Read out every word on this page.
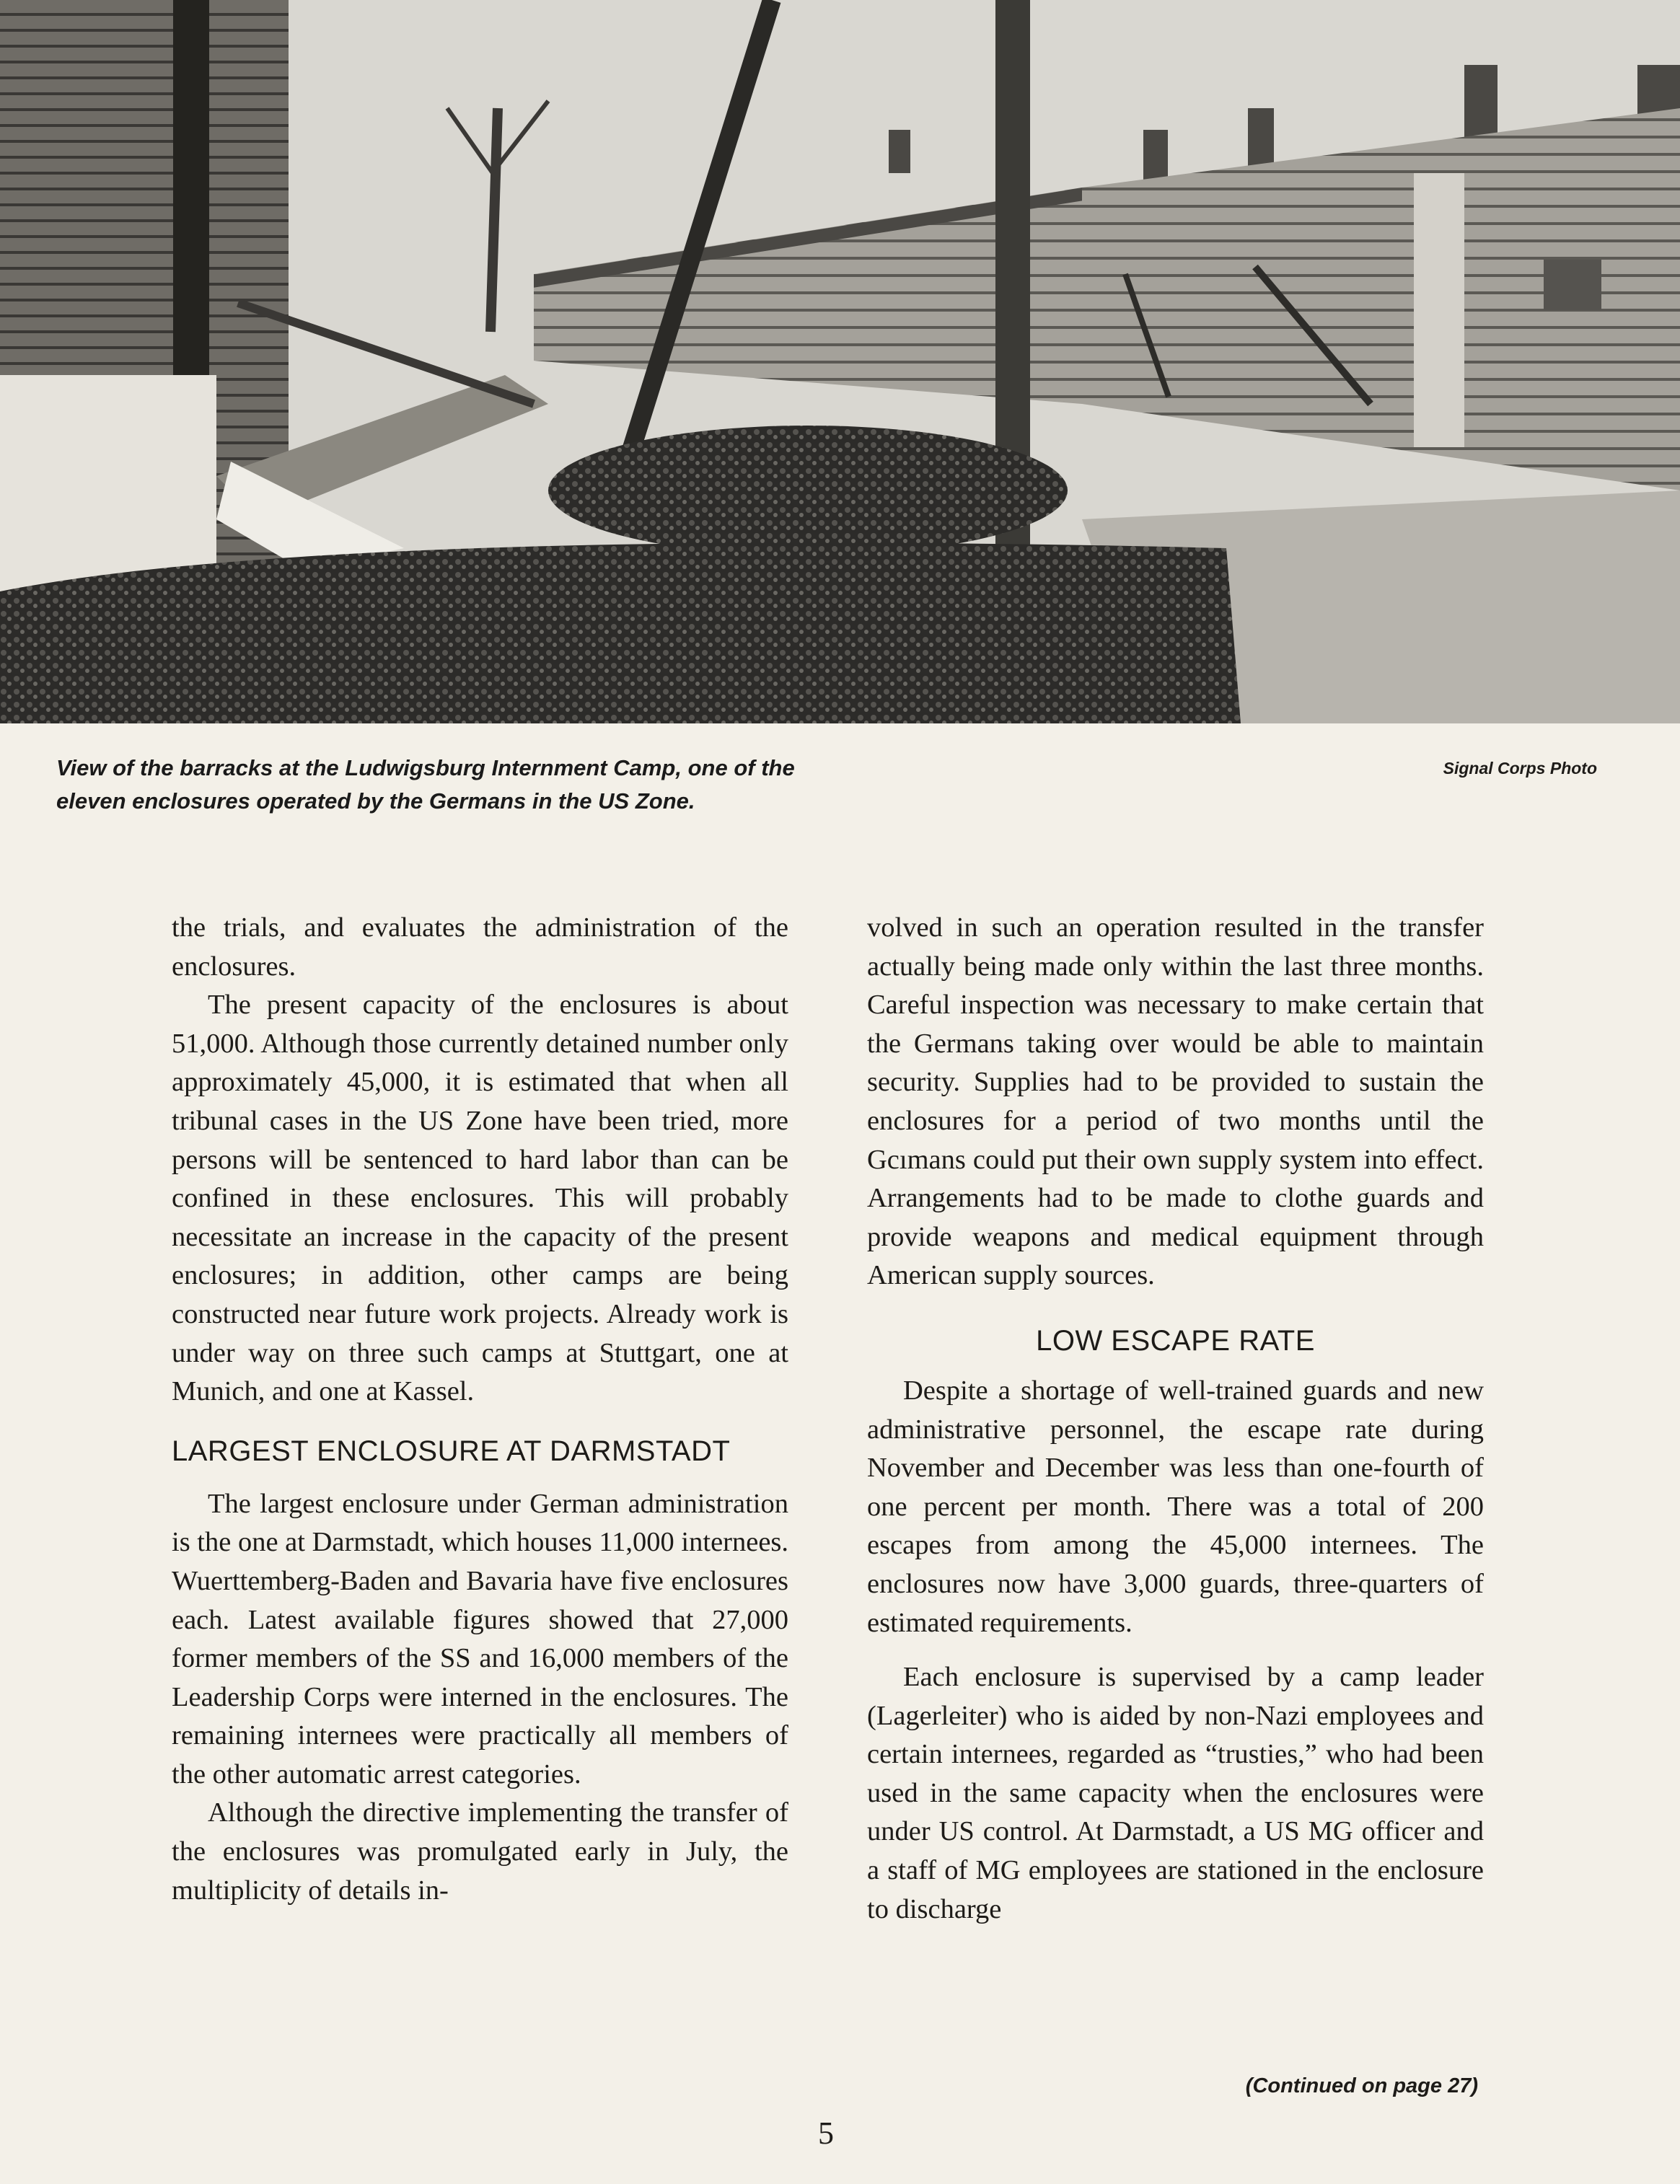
View of the barracks at the Ludwigsburg Internment Camp, one of the eleven enclosures operated by the Germans in the US Zone.
Signal Corps Photo

the trials, and evaluates the administration of the enclosures.

The present capacity of the enclosures is about 51,000. Although those currently detained number only approximately 45,000, it is estimated that when all tribunal cases in the US Zone have been tried, more persons will be sentenced to hard labor than can be confined in these enclosures. This will probably necessitate an increase in the capacity of the present enclosures; in addition, other camps are being constructed near future work projects. Already work is under way on three such camps at Stuttgart, one at Munich, and one at Kassel.

LARGEST ENCLOSURE AT DARMSTADT

The largest enclosure under German administration is the one at Darmstadt, which houses 11,000 internees. Wuerttemberg-Baden and Bavaria have five enclosures each. Latest available figures showed that 27,000 former members of the SS and 16,000 members of the Leadership Corps were interned in the enclosures. The remaining internees were practically all members of the other automatic arrest categories.

Although the directive implementing the transfer of the enclosures was promulgated early in July, the multiplicity of details in-

volved in such an operation resulted in the transfer actually being made only within the last three months. Careful inspection was necessary to make certain that the Germans taking over would be able to maintain security. Supplies had to be provided to sustain the enclosures for a period of two months until the Gcımans could put their own supply system into effect. Arrangements had to be made to clothe guards and provide weapons and medical equipment through American supply sources.

LOW ESCAPE RATE

Despite a shortage of well-trained guards and new administrative personnel, the escape rate during November and December was less than one-fourth of one percent per month. There was a total of 200 escapes from among the 45,000 internees. The enclosures now have 3,000 guards, three-quarters of estimated requirements.

Each enclosure is supervised by a camp leader (Lagerleiter) who is aided by non-Nazi employees and certain internees, regarded as “trusties,” who had been used in the same capacity when the enclosures were under US control. At Darmstadt, a US MG officer and a staff of MG employees are stationed in the enclosure to discharge

(Continued on page 27)
5
